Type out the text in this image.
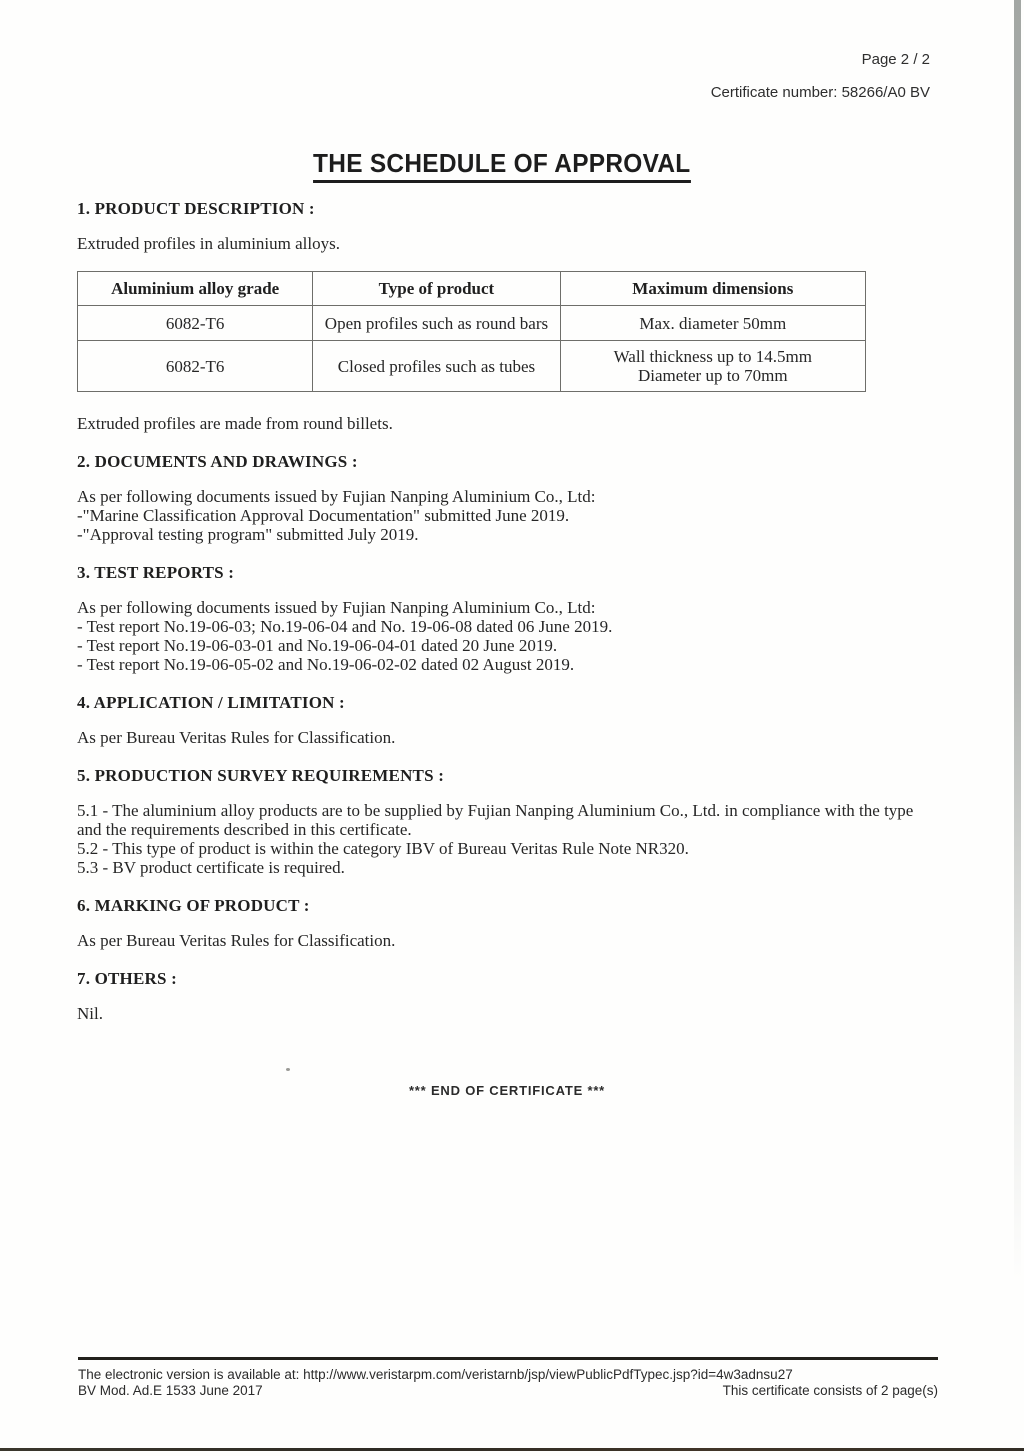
Page 2 / 2
Certificate number: 58266/A0 BV
THE SCHEDULE OF APPROVAL
1. PRODUCT DESCRIPTION :
Extruded profiles in aluminium alloys.
Aluminium alloy grade	Type of product	Maximum dimensions
6082-T6	Open profiles such as round bars	Max. diameter 50mm
6082-T6	Closed profiles such as tubes	Wall thickness up to 14.5mm
Diameter up to 70mm
Extruded profiles are made from round billets.
2. DOCUMENTS AND DRAWINGS :
As per following documents issued by Fujian Nanping Aluminium Co., Ltd:
-"Marine Classification Approval Documentation" submitted June 2019.
-"Approval testing program" submitted July 2019.
3. TEST REPORTS :
As per following documents issued by Fujian Nanping Aluminium Co., Ltd:
- Test report No.19-06-03; No.19-06-04 and No. 19-06-08 dated 06 June 2019.
- Test report No.19-06-03-01 and No.19-06-04-01 dated 20 June 2019.
- Test report No.19-06-05-02 and No.19-06-02-02 dated 02 August 2019.
4. APPLICATION / LIMITATION :
As per Bureau Veritas Rules for Classification.
5. PRODUCTION SURVEY REQUIREMENTS :
5.1 - The aluminium alloy products are to be supplied by Fujian Nanping Aluminium Co., Ltd. in compliance with the type and the requirements described in this certificate.
5.2 - This type of product is within the category IBV of Bureau Veritas Rule Note NR320.
5.3 - BV product certificate is required.
6. MARKING OF PRODUCT :
As per Bureau Veritas Rules for Classification.
7. OTHERS :
Nil.
*** END OF CERTIFICATE ***
The electronic version is available at: http://www.veristarpm.com/veristarnb/jsp/viewPublicPdfTypec.jsp?id=4w3adnsu27
BV Mod. Ad.E 1533 June 2017	This certificate consists of 2 page(s)
